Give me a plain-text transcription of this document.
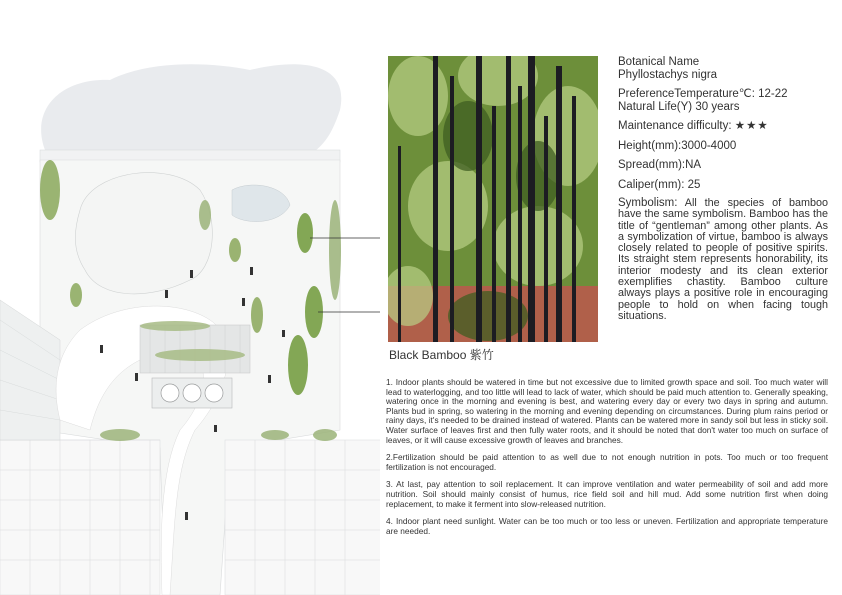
Black Bamboo 紫竹

Botanical Name

Phyllostachys nigra

PreferenceTemperature℃: 12-22

Natural Life(Y) 30 years

Maintenance difficulty: ★★★

Height(mm):3000-4000

Spread(mm):NA

Caliper(mm): 25

Symbolism: All the species of bamboo have the same symbolism. Bamboo has the title of “gentleman” among other plants. As a symbolization of virtue, bamboo is always closely related to people of positive spirits. Its straight stem represents honorability, its interior modesty and its clean exterior exemplifies chastity. Bamboo culture always plays a positive role in encouraging people to hold on when facing tough situations.

1. Indoor plants should be watered in time but not excessive due to limited growth space and soil. Too much water will lead to waterlogging, and too little will lead to lack of water, which should be paid much attention to. Generally speaking, watering once in the morning and evening is best, and watering every day or every two days in spring and autumn. Plants bud in spring, so watering in the morning and evening depending on circumstances. During plum rains period or rainy days, it's needed to be drained instead of watered. Plants can be watered more in sandy soil but less in sticky soil. Water surface of leaves first and then fully water roots, and it should be noted that don't water too much on surface of leaves, or it will cause excessive growth of leaves and branches.

2.Fertilization should be paid attention to as well due to not enough nutrition in pots. Too much or too frequent fertilization is not encouraged.

3. At last, pay attention to soil replacement. It can improve ventilation and water permeability of soil and add more nutrition. Soil should mainly consist of humus, rice field soil and hill mud. Add some nutrition first when doing replacement, to make it ferment into slow-released nutrition.

4. Indoor plant need sunlight. Water can be too much or too less or uneven. Fertilization and appropriate temperature are needed.
